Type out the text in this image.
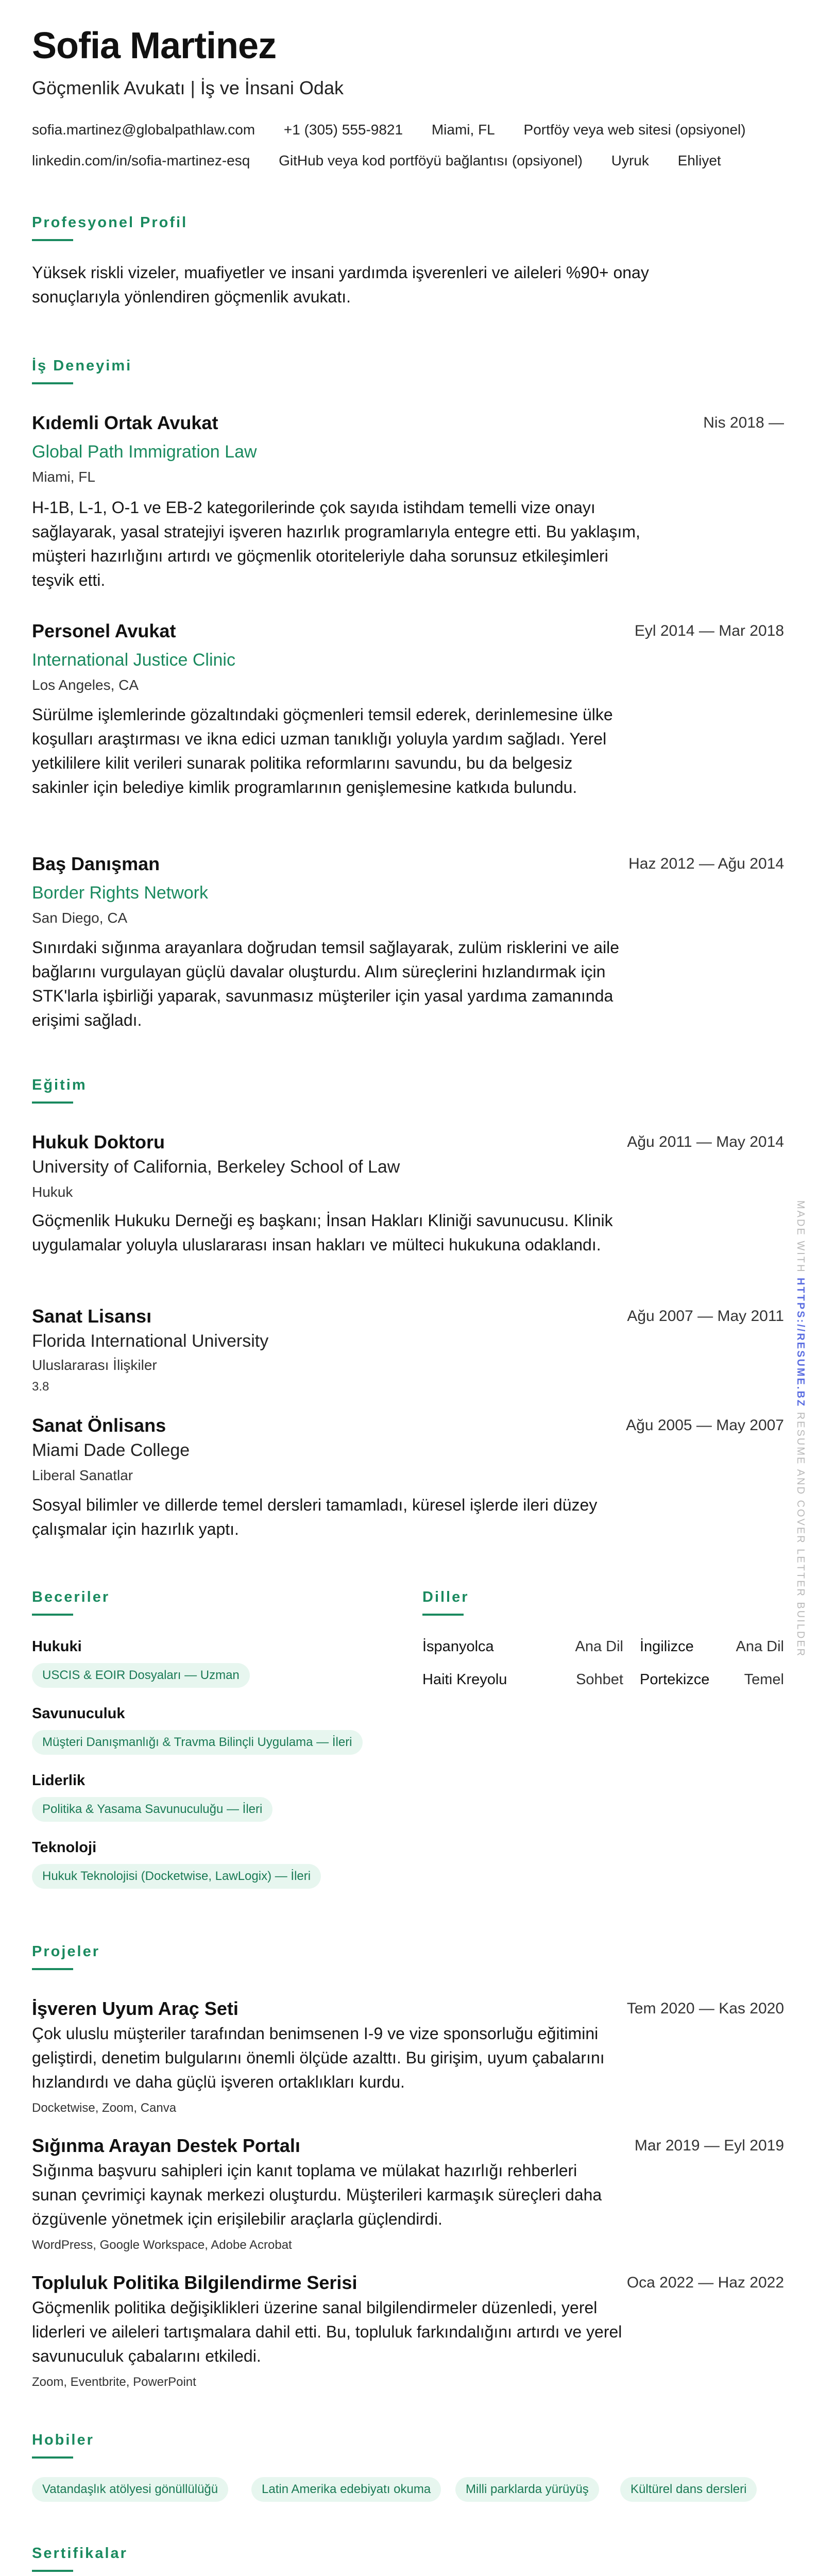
Sofia Martinez
Göçmenlik Avukatı | İş ve İnsani Odak
sofia.martinez@globalpathlaw.com +1 (305) 555-9821 Miami, FL Portföy veya web sitesi (opsiyonel)
linkedin.com/in/sofia-martinez-esq GitHub veya kod portföyü bağlantısı (opsiyonel) Uyruk Ehliyet
Profesyonel Profil
Yüksek riskli vizeler, muafiyetler ve insani yardımda işverenleri ve aileleri %90+ onay sonuçlarıyla yönlendiren göçmenlik avukatı.
İş Deneyimi
Kıdemli Ortak Avukat	Nis 2018 —
Global Path Immigration Law
Miami, FL
H-1B, L-1, O-1 ve EB-2 kategorilerinde çok sayıda istihdam temelli vize onayı sağlayarak, yasal stratejiyi işveren hazırlık programlarıyla entegre etti. Bu yaklaşım, müşteri hazırlığını artırdı ve göçmenlik otoriteleriyle daha sorunsuz etkileşimleri teşvik etti.
Personel Avukat	Eyl 2014 — Mar 2018
International Justice Clinic
Los Angeles, CA
Sürülme işlemlerinde gözaltındaki göçmenleri temsil ederek, derinlemesine ülke koşulları araştırması ve ikna edici uzman tanıklığı yoluyla yardım sağladı. Yerel yetkililere kilit verileri sunarak politika reformlarını savundu, bu da belgesiz sakinler için belediye kimlik programlarının genişlemesine katkıda bulundu.
Baş Danışman	Haz 2012 — Ağu 2014
Border Rights Network
San Diego, CA
Sınırdaki sığınma arayanlara doğrudan temsil sağlayarak, zulüm risklerini ve aile bağlarını vurgulayan güçlü davalar oluşturdu. Alım süreçlerini hızlandırmak için STK'larla işbirliği yaparak, savunmasız müşteriler için yasal yardıma zamanında erişimi sağladı.
Eğitim
Hukuk Doktoru	Ağu 2011 — May 2014
University of California, Berkeley School of Law
Hukuk
Göçmenlik Hukuku Derneği eş başkanı; İnsan Hakları Kliniği savunucusu. Klinik uygulamalar yoluyla uluslararası insan hakları ve mülteci hukukuna odaklandı.
Sanat Lisansı	Ağu 2007 — May 2011
Florida International University
Uluslararası İlişkiler
3.8
Sanat Önlisans	Ağu 2005 — May 2007
Miami Dade College
Liberal Sanatlar
Sosyal bilimler ve dillerde temel dersleri tamamladı, küresel işlerde ileri düzey çalışmalar için hazırlık yaptı.
Beceriler
Hukuki
USCIS & EOIR Dosyaları — Uzman
Savunuculuk
Müşteri Danışmanlığı & Travma Bilinçli Uygulama — İleri
Liderlik
Politika & Yasama Savunuculuğu — İleri
Teknoloji
Hukuk Teknolojisi (Docketwise, LawLogix) — İleri
Diller
İspanyolca	Ana Dil İngilizce	Ana Dil
Haiti Kreyolu	Sohbet Portekizce	Temel
Projeler
İşveren Uyum Araç Seti	Tem 2020 — Kas 2020
Çok uluslu müşteriler tarafından benimsenen I-9 ve vize sponsorluğu eğitimini geliştirdi, denetim bulgularını önemli ölçüde azalttı. Bu girişim, uyum çabalarını hızlandırdı ve daha güçlü işveren ortaklıkları kurdu.
Docketwise, Zoom, Canva
Sığınma Arayan Destek Portalı	Mar 2019 — Eyl 2019
Sığınma başvuru sahipleri için kanıt toplama ve mülakat hazırlığı rehberleri sunan çevrimiçi kaynak merkezi oluşturdu. Müşterileri karmaşık süreçleri daha özgüvenle yönetmek için erişilebilir araçlarla güçlendirdi.
WordPress, Google Workspace, Adobe Acrobat
Topluluk Politika Bilgilendirme Serisi	Oca 2022 — Haz 2022
Göçmenlik politika değişiklikleri üzerine sanal bilgilendirmeler düzenledi, yerel liderleri ve aileleri tartışmalara dahil etti. Bu, topluluk farkındalığını artırdı ve yerel savunuculuk çabalarını etkiledi.
Zoom, Eventbrite, PowerPoint
Hobiler
Vatandaşlık atölyesi gönüllülüğü	Latin Amerika edebiyatı okuma	Milli parklarda yürüyüş	Kültürel dans dersleri
Sertifikalar
MADE WITH HTTPS://RESUME.BZ RESUME AND COVER LETTER BUILDER
